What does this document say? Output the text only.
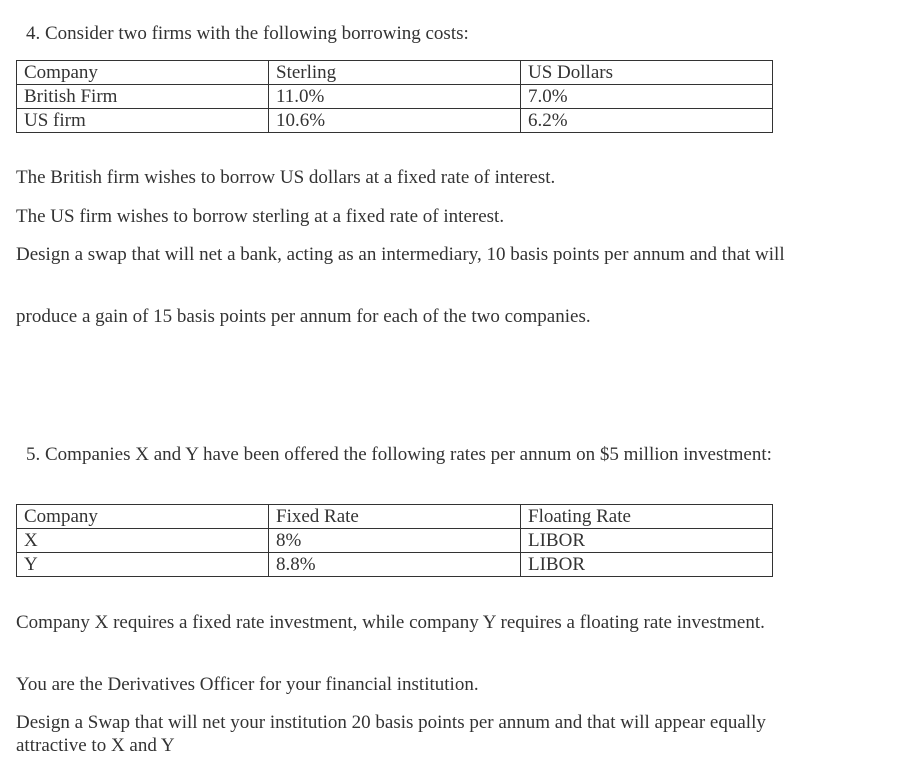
4. Consider two firms with the following borrowing costs:
Company	Sterling	US Dollars
British Firm	11.0%	7.0%
US firm	10.6%	6.2%
The British firm wishes to borrow US dollars at a fixed rate of interest.
The US firm wishes to borrow sterling at a fixed rate of interest.
Design a swap that will net a bank, acting as an intermediary, 10 basis points per annum and that will
produce a gain of 15 basis points per annum for each of the two companies.
5. Companies X and Y have been offered the following rates per annum on $5 million investment:
Company	Fixed Rate	Floating Rate
X	8%	LIBOR
Y	8.8%	LIBOR
Company X requires a fixed rate investment, while company Y requires a floating rate investment.
You are the Derivatives Officer for your financial institution.
Design a Swap that will net your institution 20 basis points per annum and that will appear equally attractive to X and Y
